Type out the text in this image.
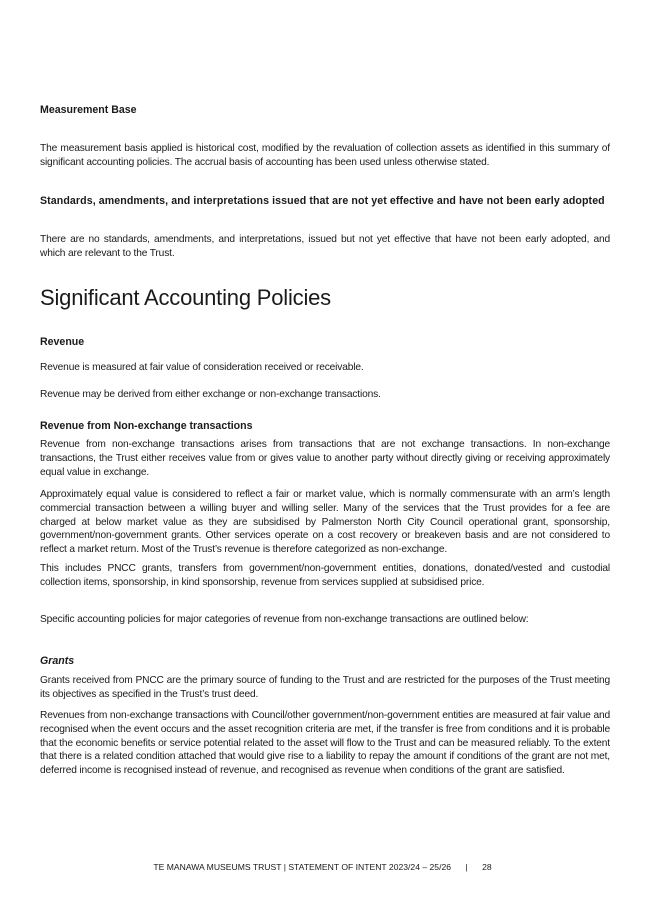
Measurement Base
The measurement basis applied is historical cost, modified by the revaluation of collection assets as identified in this summary of significant accounting policies. The accrual basis of accounting has been used unless otherwise stated.
Standards, amendments, and interpretations issued that are not yet effective and have not been early adopted
There are no standards, amendments, and interpretations, issued but not yet effective that have not been early adopted, and which are relevant to the Trust.
Significant Accounting Policies
Revenue
Revenue is measured at fair value of consideration received or receivable.
Revenue may be derived from either exchange or non-exchange transactions.
Revenue from Non-exchange transactions
Revenue from non-exchange transactions arises from transactions that are not exchange transactions. In non-exchange transactions, the Trust either receives value from or gives value to another party without directly giving or receiving approximately equal value in exchange.
Approximately equal value is considered to reflect a fair or market value, which is normally commensurate with an arm’s length commercial transaction between a willing buyer and willing seller. Many of the services that the Trust provides for a fee are charged at below market value as they are subsidised by Palmerston North City Council operational grant, sponsorship, government/non-government grants. Other services operate on a cost recovery or breakeven basis and are not considered to reflect a market return. Most of the Trust’s revenue is therefore categorized as non-exchange.
This includes PNCC grants, transfers from government/non-government entities, donations, donated/vested and custodial collection items, sponsorship, in kind sponsorship, revenue from services supplied at subsidised price.
Specific accounting policies for major categories of revenue from non-exchange transactions are outlined below:
Grants
Grants received from PNCC are the primary source of funding to the Trust and are restricted for the purposes of the Trust meeting its objectives as specified in the Trust’s trust deed.
Revenues from non-exchange transactions with Council/other government/non-government entities are measured at fair value and recognised when the event occurs and the asset recognition criteria are met, if the transfer is free from conditions and it is probable that the economic benefits or service potential related to the asset will flow to the Trust and can be measured reliably. To the extent that there is a related condition attached that would give rise to a liability to repay the amount if conditions of the grant are not met, deferred income is recognised instead of revenue, and recognised as revenue when conditions of the grant are satisfied.
TE MANAWA MUSEUMS TRUST | STATEMENT OF INTENT 2023/24 – 25/26 | 28
